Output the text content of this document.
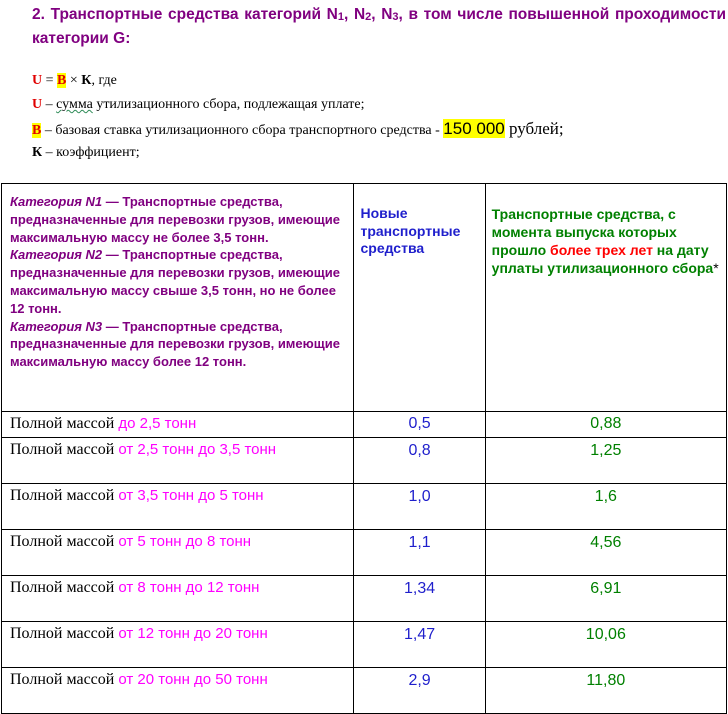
2. Транспортные средства категорий $N_1$, $N_2$, $N_3$, в том числе повышенной проходимости категории G:
U = В × К, где
U – сумма утилизационного сбора, подлежащая уплате;
В – базовая ставка утилизационного сбора транспортного средства - 150 000 рублей;
К – коэффициент;
Категория N1 — Транспортные средства, предназначенные для перевозки грузов, имеющие максимальную массу не более 3,5 тонн.
Категория N2 — Транспортные средства, предназначенные для перевозки грузов, имеющие максимальную массу свыше 3,5 тонн, но не более 12 тонн.
Категория N3 — Транспортные средства, предназначенные для перевозки грузов, имеющие максимальную массу более 12 тонн.	Новые транспортные средства	Транспортные средства, с момента выпуска которых прошло более трех лет на дату уплаты утилизационного сбора*
Полной массой до 2,5 тонн	0,5	0,88
Полной массой от 2,5 тонн до 3,5 тонн	0,8	1,25
Полной массой от 3,5 тонн до 5 тонн	1,0	1,6
Полной массой от 5 тонн до 8 тонн	1,1	4,56
Полной массой от 8 тонн до 12 тонн	1,34	6,91
Полной массой от 12 тонн до 20 тонн	1,47	10,06
Полной массой от 20 тонн до 50 тонн	2,9	11,80
